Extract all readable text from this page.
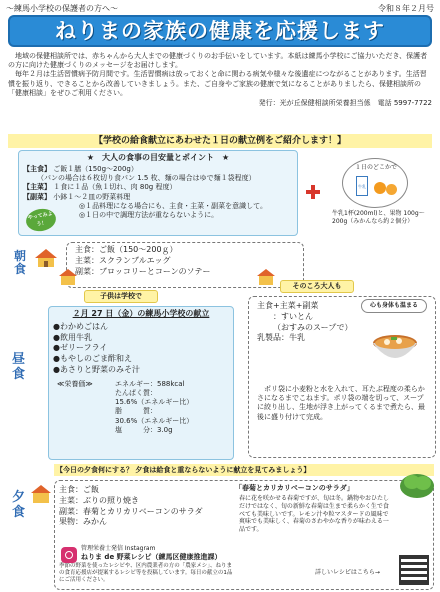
～練馬小学校の保護者の方へ～	令和８年２月号
ねりまの家族の健康を応援します

地域の保健相談所では、赤ちゃんから大人までの健康づくりのお手伝いをしています。本紙は練馬小学校にご協力いただき、保護者の方に向けた健康づくりのメッセージをお届けします。

毎年２月は生活習慣病予防月間です。生活習慣病は放っておくと命に関わる病気や様々な後遺症につながることがあります。生活習慣を振り返り、できることから改善していきましょう。また、ご自身やご家族の健康で気になることがありましたら、保健相談所の「健康相談」をぜひご利用ください。

発行：光が丘保健相談所栄養担当係　電話 5997-7722

【学校の給食献立にあわせた１日の献立例をご紹介します！】
★　大人の食事の目安量とポイント　★
【主食】 ご飯１膳（150g～200g）
（パンの場合は６枚切り食パン 1.5 枚、麺の場合はゆで麺１袋程度）
【主菜】 １食に１品（魚１切れ、肉 80g 程度）
【副菜】 小鉢１～２皿の野菜料理
◎１品料理になる場合にも、主食・主菜・副菜を意識して。
◎１日の中で調理方法が重ならないように。
やってみよう！
１日のどこかで
牛乳
牛乳1杯(200ml)と、果物 100g～200g（みかんなら約２個分）
朝食
主食：ご飯（150～200ｇ）
主菜：スクランブルエッグ
副菜：ブロッコリーとコーンのソテー
昼食
子供は学校で
２月 27 日（金）の練馬小学校の献立
●わかめごはん
●飲用牛乳
●ゼリーフライ
●もやしのごま酢和え
●あさりと野菜のみそ汁
≪栄養価≫	エネルギー：588kcal
たんぱく質：15.6%（エネルギー比）
脂　　　質：30.6%（エネルギー比）
塩　　　分：3.0g
そのころ大人も
心も身体も温まる
主食+主菜+副菜
：すいとん
（おすみのスープで）
乳製品：牛乳
ポリ袋に小麦粉と水を入れて、耳たぶ程度の柔らかさになるまでこねます。ポリ袋の端を切って、スープに絞り出し、生地が浮き上がってくるまで煮たら、最後に盛り付けて完成。
【今日の夕食何にする？ 夕食は給食と重ならないように献立を見てみましょう】
夕食
主食：ご飯
主菜：ぶりの照り焼き
副菜：春菊とカリカリベーコンのサラダ
果物：みかん
管理栄養士発信 Instagram
ねりま de 野菜レシピ（練馬区健康推進課）
季節の野菜を使ったレシピや、区内農業者の方の「農家メシ」、ねりまの食育応援店が提案するレシピ等を投稿しています。毎日の献立の1品にご活用ください。
「春菊とカリカリベーコンのサラダ」
春に花を咲かせる春菊ですが、旬は冬。鍋物やおひたしだけではなく、旬の新鮮な春菊は生まで柔らかく生で食べても美味しいです。レモン汁や粒マスタードの風味で爽味でも美味しく、春菊のさわやかな香りが味わえる一品です。
詳しいレシピはこちら→
